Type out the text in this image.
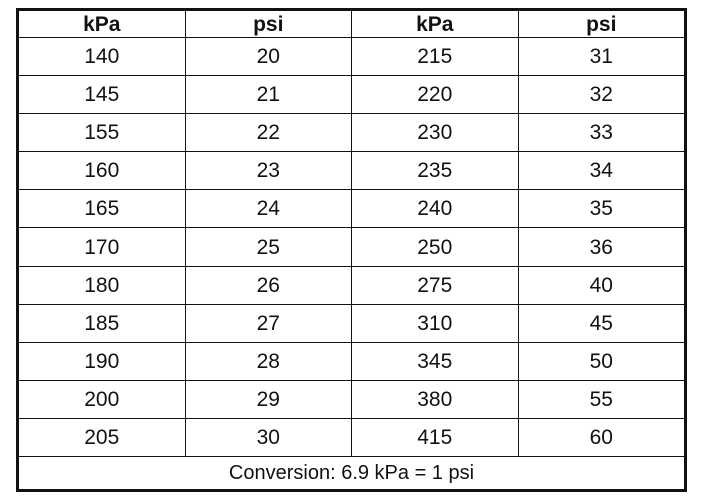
kPa	psi	kPa	psi
140	20	215	31
145	21	220	32
155	22	230	33
160	23	235	34
165	24	240	35
170	25	250	36
180	26	275	40
185	27	310	45
190	28	345	50
200	29	380	55
205	30	415	60
Conversion: 6.9 kPa = 1 psi			
